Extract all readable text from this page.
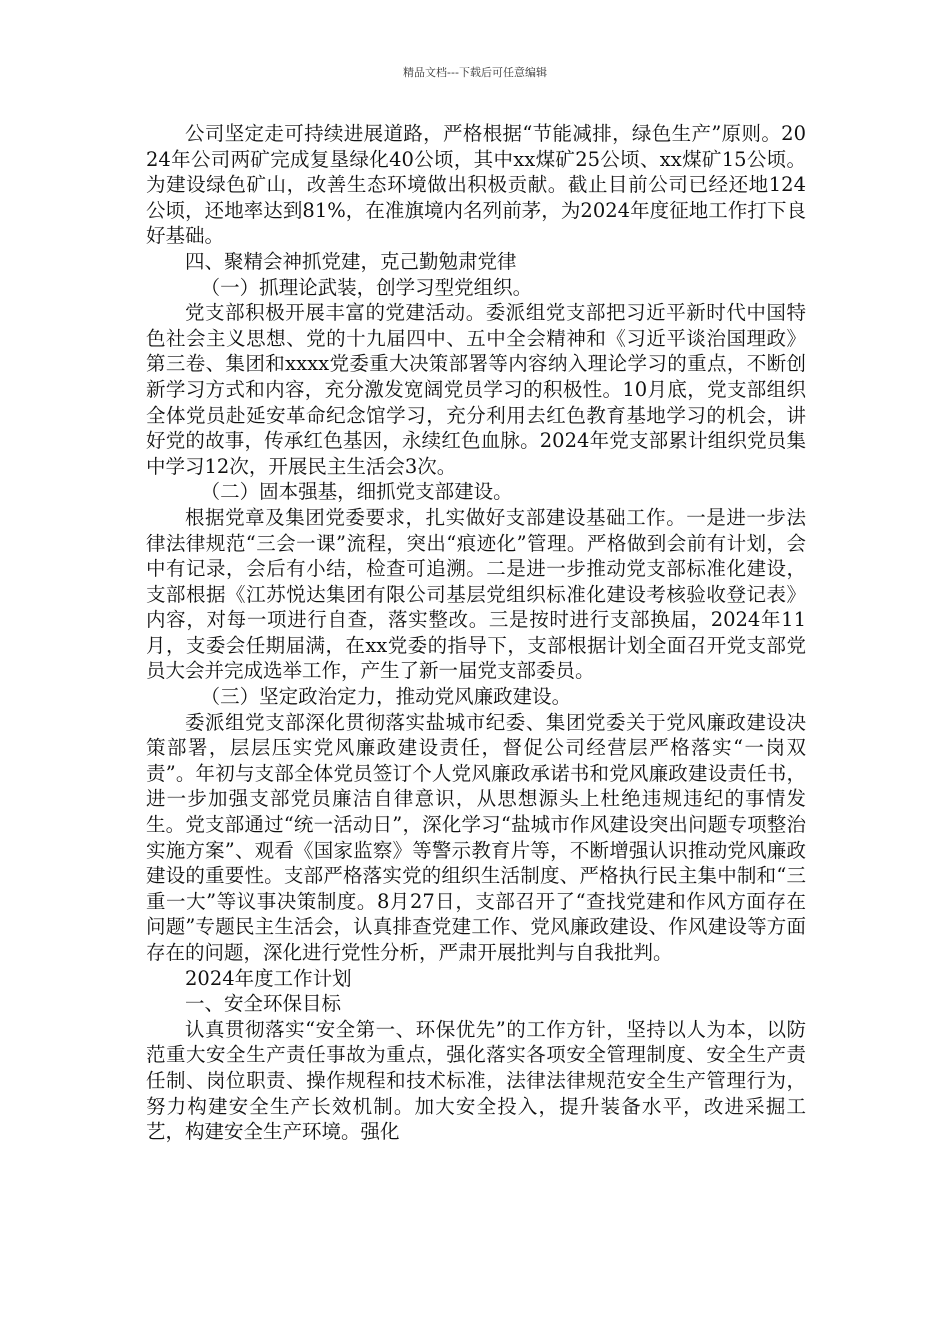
精品文档---下载后可任意编辑

公司坚定走可持续进展道路，严格根据“节能减排，绿色生产”原则。2024年公司两矿完成复垦绿化40公顷，其中xx煤矿25公顷、xx煤矿15公顷。为建设绿色矿山，改善生态环境做出积极贡献。截止目前公司已经还地124公顷，还地率达到81%，在准旗境内名列前茅，为2024年度征地工作打下良好基础。

四、聚精会神抓党建，克己勤勉肃党律

（一）抓理论武装，创学习型党组织。

党支部积极开展丰富的党建活动。委派组党支部把习近平新时代中国特色社会主义思想、党的十九届四中、五中全会精神和《习近平谈治国理政》第三卷、集团和xxxx党委重大决策部署等内容纳入理论学习的重点，不断创新学习方式和内容，充分激发宽阔党员学习的积极性。10月底，党支部组织全体党员赴延安革命纪念馆学习，充分利用去红色教育基地学习的机会，讲好党的故事，传承红色基因，永续红色血脉。2024年党支部累计组织党员集中学习12次，开展民主生活会3次。

（二）固本强基，细抓党支部建设。

根据党章及集团党委要求，扎实做好支部建设基础工作。一是进一步法律法律规范“三会一课”流程，突出“痕迹化”管理。严格做到会前有计划，会中有记录，会后有小结，检查可追溯。二是进一步推动党支部标准化建设，支部根据《江苏悦达集团有限公司基层党组织标准化建设考核验收登记表》内容，对每一项进行自查，落实整改。三是按时进行支部换届，2024年11月，支委会任期届满，在xx党委的指导下，支部根据计划全面召开党支部党员大会并完成选举工作，产生了新一届党支部委员。

（三）坚定政治定力，推动党风廉政建设。

委派组党支部深化贯彻落实盐城市纪委、集团党委关于党风廉政建设决策部署，层层压实党风廉政建设责任，督促公司经营层严格落实“一岗双责”。年初与支部全体党员签订个人党风廉政承诺书和党风廉政建设责任书，进一步加强支部党员廉洁自律意识，从思想源头上杜绝违规违纪的事情发生。党支部通过“统一活动日”，深化学习“盐城市作风建设突出问题专项整治实施方案”、观看《国家监察》等警示教育片等，不断增强认识推动党风廉政建设的重要性。支部严格落实党的组织生活制度、严格执行民主集中制和“三重一大”等议事决策制度。8月27日，支部召开了“查找党建和作风方面存在问题”专题民主生活会，认真排查党建工作、党风廉政建设、作风建设等方面存在的问题，深化进行党性分析，严肃开展批判与自我批判。

2024年度工作计划

一、安全环保目标

认真贯彻落实“安全第一、环保优先”的工作方针，坚持以人为本，以防范重大安全生产责任事故为重点，强化落实各项安全管理制度、安全生产责任制、岗位职责、操作规程和技术标准，法律法律规范安全生产管理行为，努力构建安全生产长效机制。加大安全投入，提升装备水平，改进采掘工艺，构建安全生产环境。强化
